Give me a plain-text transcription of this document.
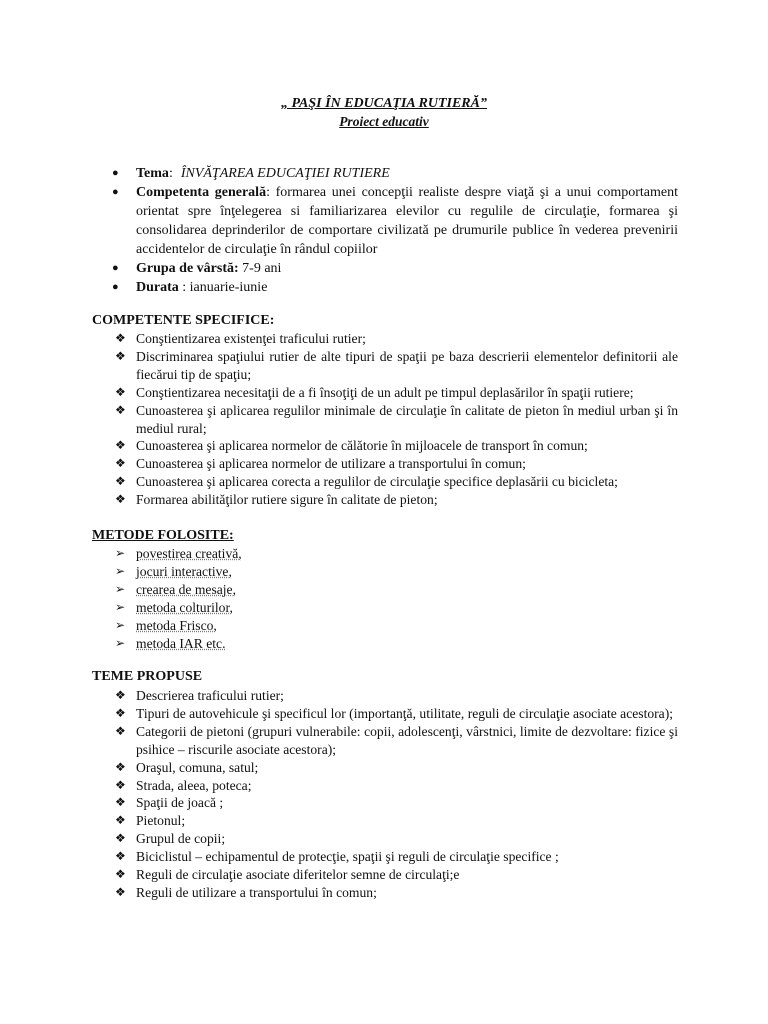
„ PAŞI ÎN EDUCAŢIA RUTIERĂ”
Proiect educativ
●	Tema: ÎNVĂŢAREA EDUCAŢIEI RUTIERE
●	Competenta generală: formarea unei concepţii realiste despre viaţă şi a unui comportament orientat spre înţelegerea si familiarizarea elevilor cu regulile de circulaţie, formarea şi consolidarea deprinderilor de comportare civilizată pe drumurile publice în vederea prevenirii accidentelor de circulaţie în rândul copiilor
●	Grupa de vârstă: 7-9 ani
●	Durata : ianuarie-iunie
COMPETENTE SPECIFICE:
❖ Conştientizarea existenţei traficului rutier;
❖ Discriminarea spaţiului rutier de alte tipuri de spaţii pe baza descrierii elementelor definitorii ale fiecărui tip de spaţiu;
❖ Conştientizarea necesitaţii de a fi însoţiţi de un adult pe timpul deplasărilor în spaţii rutiere;
❖ Cunoasterea şi aplicarea regulilor minimale de circulaţie în calitate de pieton în mediul urban şi în mediul rural;
❖ Cunoasterea şi aplicarea normelor de călătorie în mijloacele de transport în comun;
❖ Cunoasterea şi aplicarea normelor de utilizare a transportului în comun;
❖ Cunoasterea şi aplicarea corecta a regulilor de circulaţie specifice deplasării cu bicicleta;
❖ Formarea abilităţilor rutiere sigure în calitate de pieton;
METODE FOLOSITE:
➢ povestirea creativă,
➢ jocuri interactive,
➢ crearea de mesaje,
➢ metoda colturilor,
➢ metoda Frisco,
➢ metoda IAR etc.
TEME PROPUSE
❖ Descrierea traficului rutier;
❖ Tipuri de autovehicule şi specificul lor (importanţă, utilitate, reguli de circulaţie asociate acestora);
❖ Categorii de pietoni (grupuri vulnerabile: copii, adolescenţi, vârstnici, limite de dezvoltare: fizice şi psihice – riscurile asociate acestora);
❖ Oraşul, comuna, satul;
❖ Strada, aleea, poteca;
❖ Spaţii de joacă ;
❖ Pietonul;
❖ Grupul de copii;
❖ Biciclistul – echipamentul de protecţie, spaţii şi reguli de circulaţie specifice ;
❖ Reguli de circulaţie asociate diferitelor semne de circulaţi;e
❖ Reguli de utilizare a transportului în comun;
